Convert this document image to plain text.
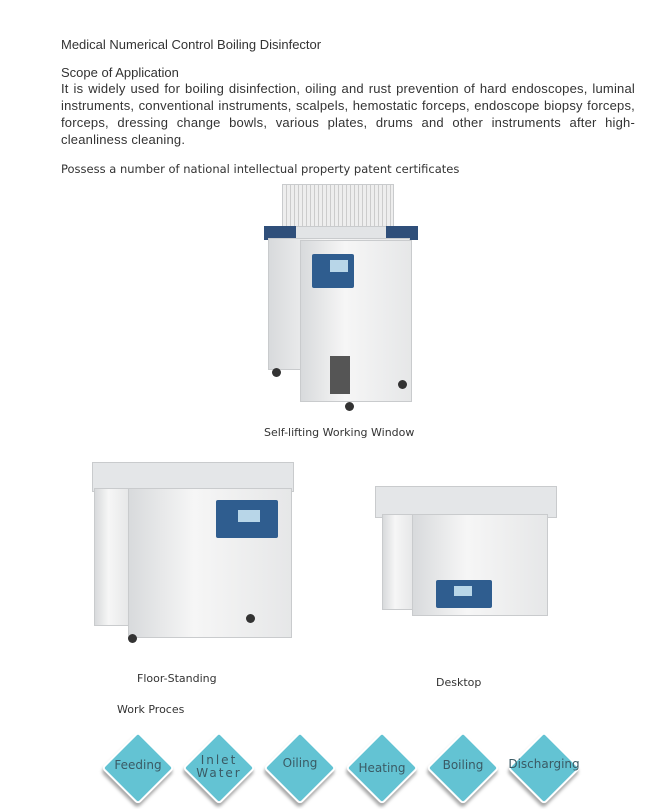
Medical Numerical Control Boiling Disinfector
Scope of Application
It is widely used for boiling disinfection, oiling and rust prevention of hard endoscopes, luminal instruments, conventional instruments, scalpels, hemostatic forceps, endoscope biopsy forceps, forceps, dressing change bowls, various plates, drums and other instruments after high-cleanliness cleaning.
Possess a number of national intellectual property patent certificates
Self-lifting Working Window
Floor-Standing	Desktop
Work Proces
Feeding	Inlet Water
Oiling	Heating	Boiling	Discharging
